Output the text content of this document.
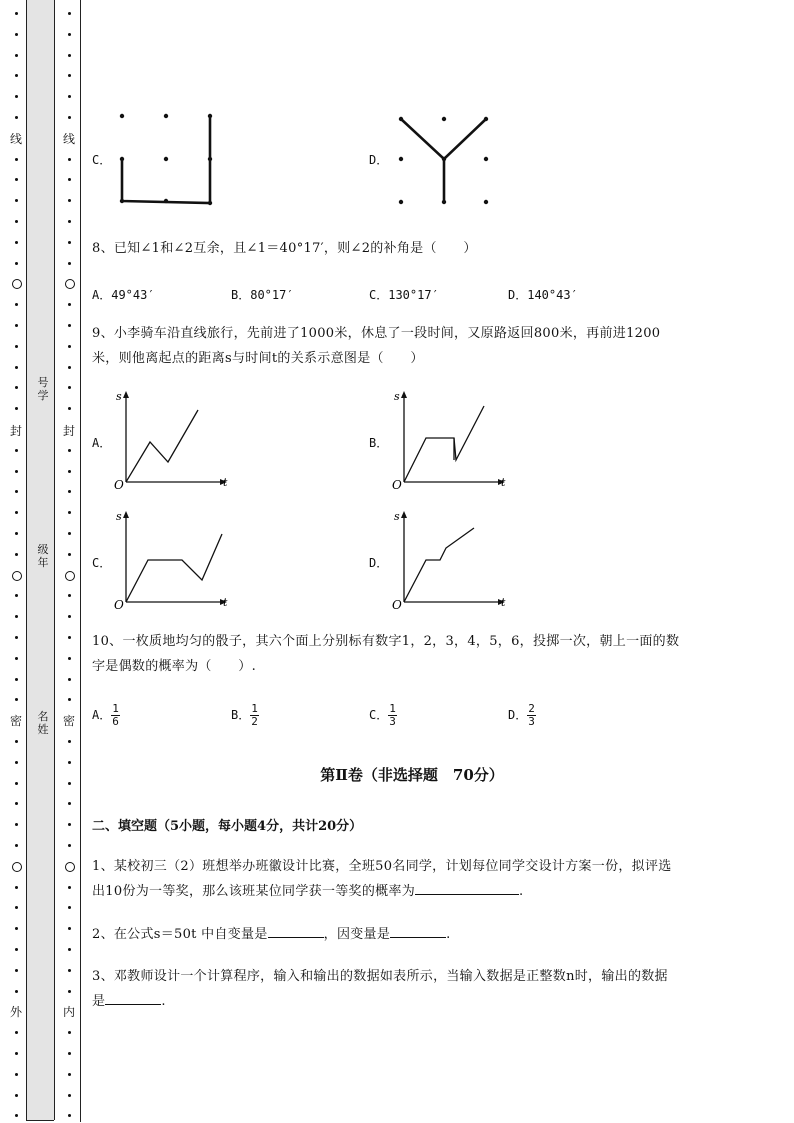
线
封
密
外
线
封
密
内
号学
级年
名姓
C．	D．
8、已知∠1和∠2互余，且∠1＝40°17′，则∠2的补角是（　　）
A．49°43′	B．80°17′	C．130°17′	D．140°43′
9、小李骑车沿直线旅行，先前进了1000米，休息了一段时间，又原路返回800米，再前进1200
米，则他离起点的距离s与时间t的关系示意图是（　　）
A．	B．
C．	D．
s
t
O
s
t
O
s
t
O
s
t
O
10、一枚质地均匀的骰子，其六个面上分别标有数字1，2，3，4，5，6，投掷一次，朝上一面的数
字是偶数的概率为（　　）.
A． $\frac{1}{6}$	B． $\frac{1}{2}$	C． $\frac{1}{3}$	D． $\frac{2}{3}$
第Ⅱ卷（非选择题　70分）
二、填空题（5小题，每小题4分，共计20分）
1、某校初三（2）班想举办班徽设计比赛，全班50名同学，计划每位同学交设计方案一份，拟评选
出10份为一等奖，那么该班某位同学获一等奖的概率为	.
2、在公式s＝50t 中自变量是	，因变量是	.
3、邓教师设计一个计算程序，输入和输出的数据如表所示，当输入数据是正整数n时，输出的数据
是	.
